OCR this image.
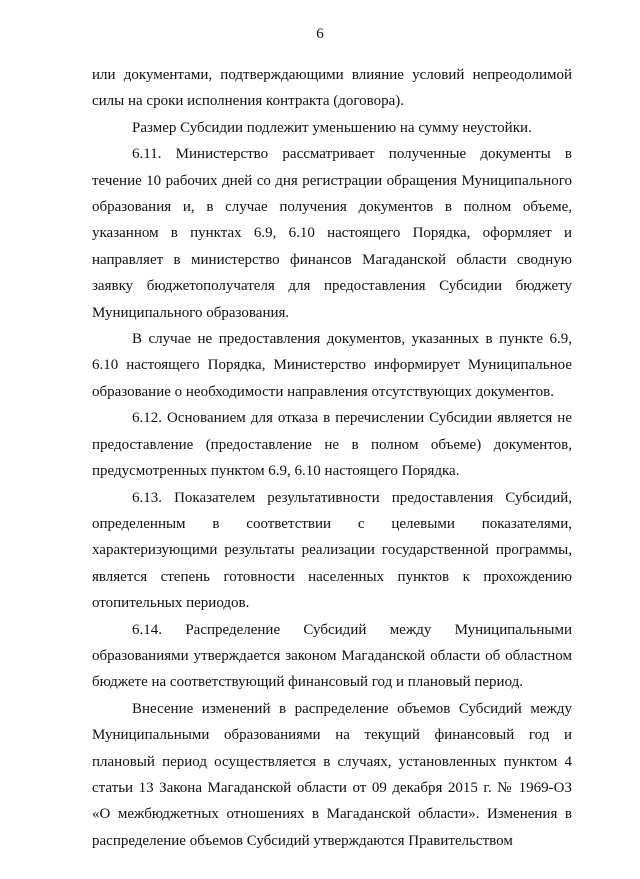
6

или документами, подтверждающими влияние условий непреодолимой силы на сроки исполнения контракта (договора).

Размер Субсидии подлежит уменьшению на сумму неустойки.

6.11. Министерство рассматривает полученные документы в течение 10 рабочих дней со дня регистрации обращения Муниципального образования и, в случае получения документов в полном объеме, указанном в пунктах 6.9, 6.10 настоящего Порядка, оформляет и направляет в министерство финансов Магаданской области сводную заявку бюджетополучателя для предоставления Субсидии бюджету Муниципального образования.

В случае не предоставления документов, указанных в пункте 6.9, 6.10 настоящего Порядка, Министерство информирует Муниципальное образование о необходимости направления отсутствующих документов.

6.12. Основанием для отказа в перечислении Субсидии является не предоставление (предоставление не в полном объеме) документов, предусмотренных пунктом 6.9, 6.10 настоящего Порядка.

6.13. Показателем результативности предоставления Субсидий, определенным в соответствии с целевыми показателями, характеризующими результаты реализации государственной программы, является степень готовности населенных пунктов к прохождению отопительных периодов.

6.14. Распределение Субсидий между Муниципальными образованиями утверждается законом Магаданской области об областном бюджете на соответствующий финансовый год и плановый период.

Внесение изменений в распределение объемов Субсидий между Муниципальными образованиями на текущий финансовый год и плановый период осуществляется в случаях, установленных пунктом 4 статьи 13 Закона Магаданской области от 09 декабря 2015 г. № 1969-ОЗ «О межбюджетных отношениях в Магаданской области». Изменения в распределение объемов Субсидий утверждаются Правительством
